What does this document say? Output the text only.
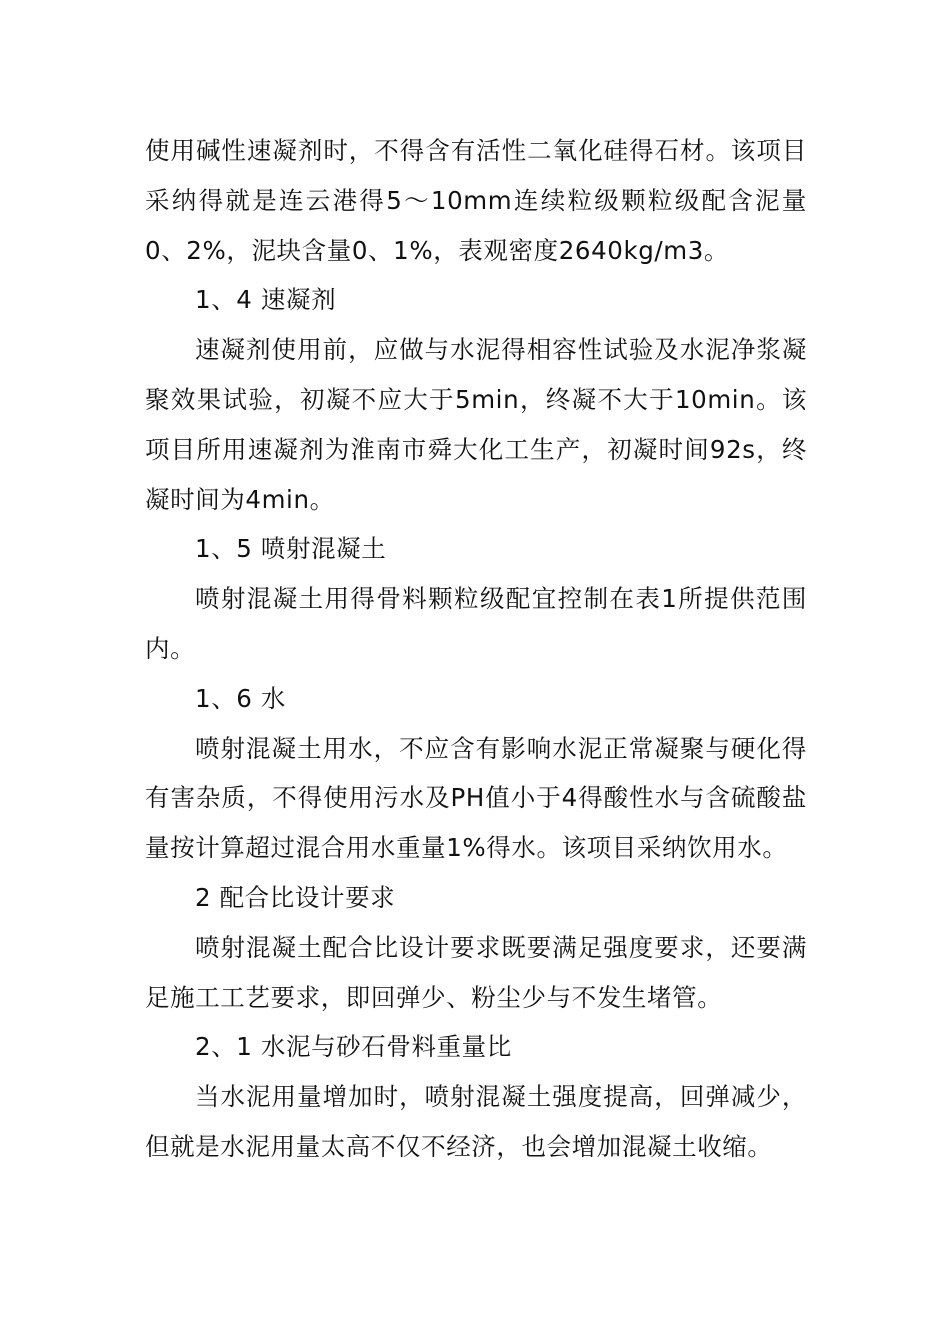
使用碱性速凝剂时，不得含有活性二氧化硅得石材。该项目采纳得就是连云港得5～10mm连续粒级颗粒级配含泥量0、2%，泥块含量0、1%，表观密度2640kg/m3。

1、4 速凝剂

速凝剂使用前，应做与水泥得相容性试验及水泥净浆凝聚效果试验，初凝不应大于5min，终凝不大于10min。该项目所用速凝剂为淮南市舜大化工生产，初凝时间92s，终凝时间为4min。

1、5 喷射混凝土

喷射混凝土用得骨料颗粒级配宜控制在表1所提供范围内。

1、6 水

喷射混凝土用水，不应含有影响水泥正常凝聚与硬化得有害杂质，不得使用污水及PH值小于4得酸性水与含硫酸盐量按计算超过混合用水重量1%得水。该项目采纳饮用水。

2 配合比设计要求

喷射混凝土配合比设计要求既要满足强度要求，还要满足施工工艺要求，即回弹少、粉尘少与不发生堵管。

2、1 水泥与砂石骨料重量比

当水泥用量增加时，喷射混凝土强度提高，回弹减少，但就是水泥用量太高不仅不经济，也会增加混凝土收缩。
